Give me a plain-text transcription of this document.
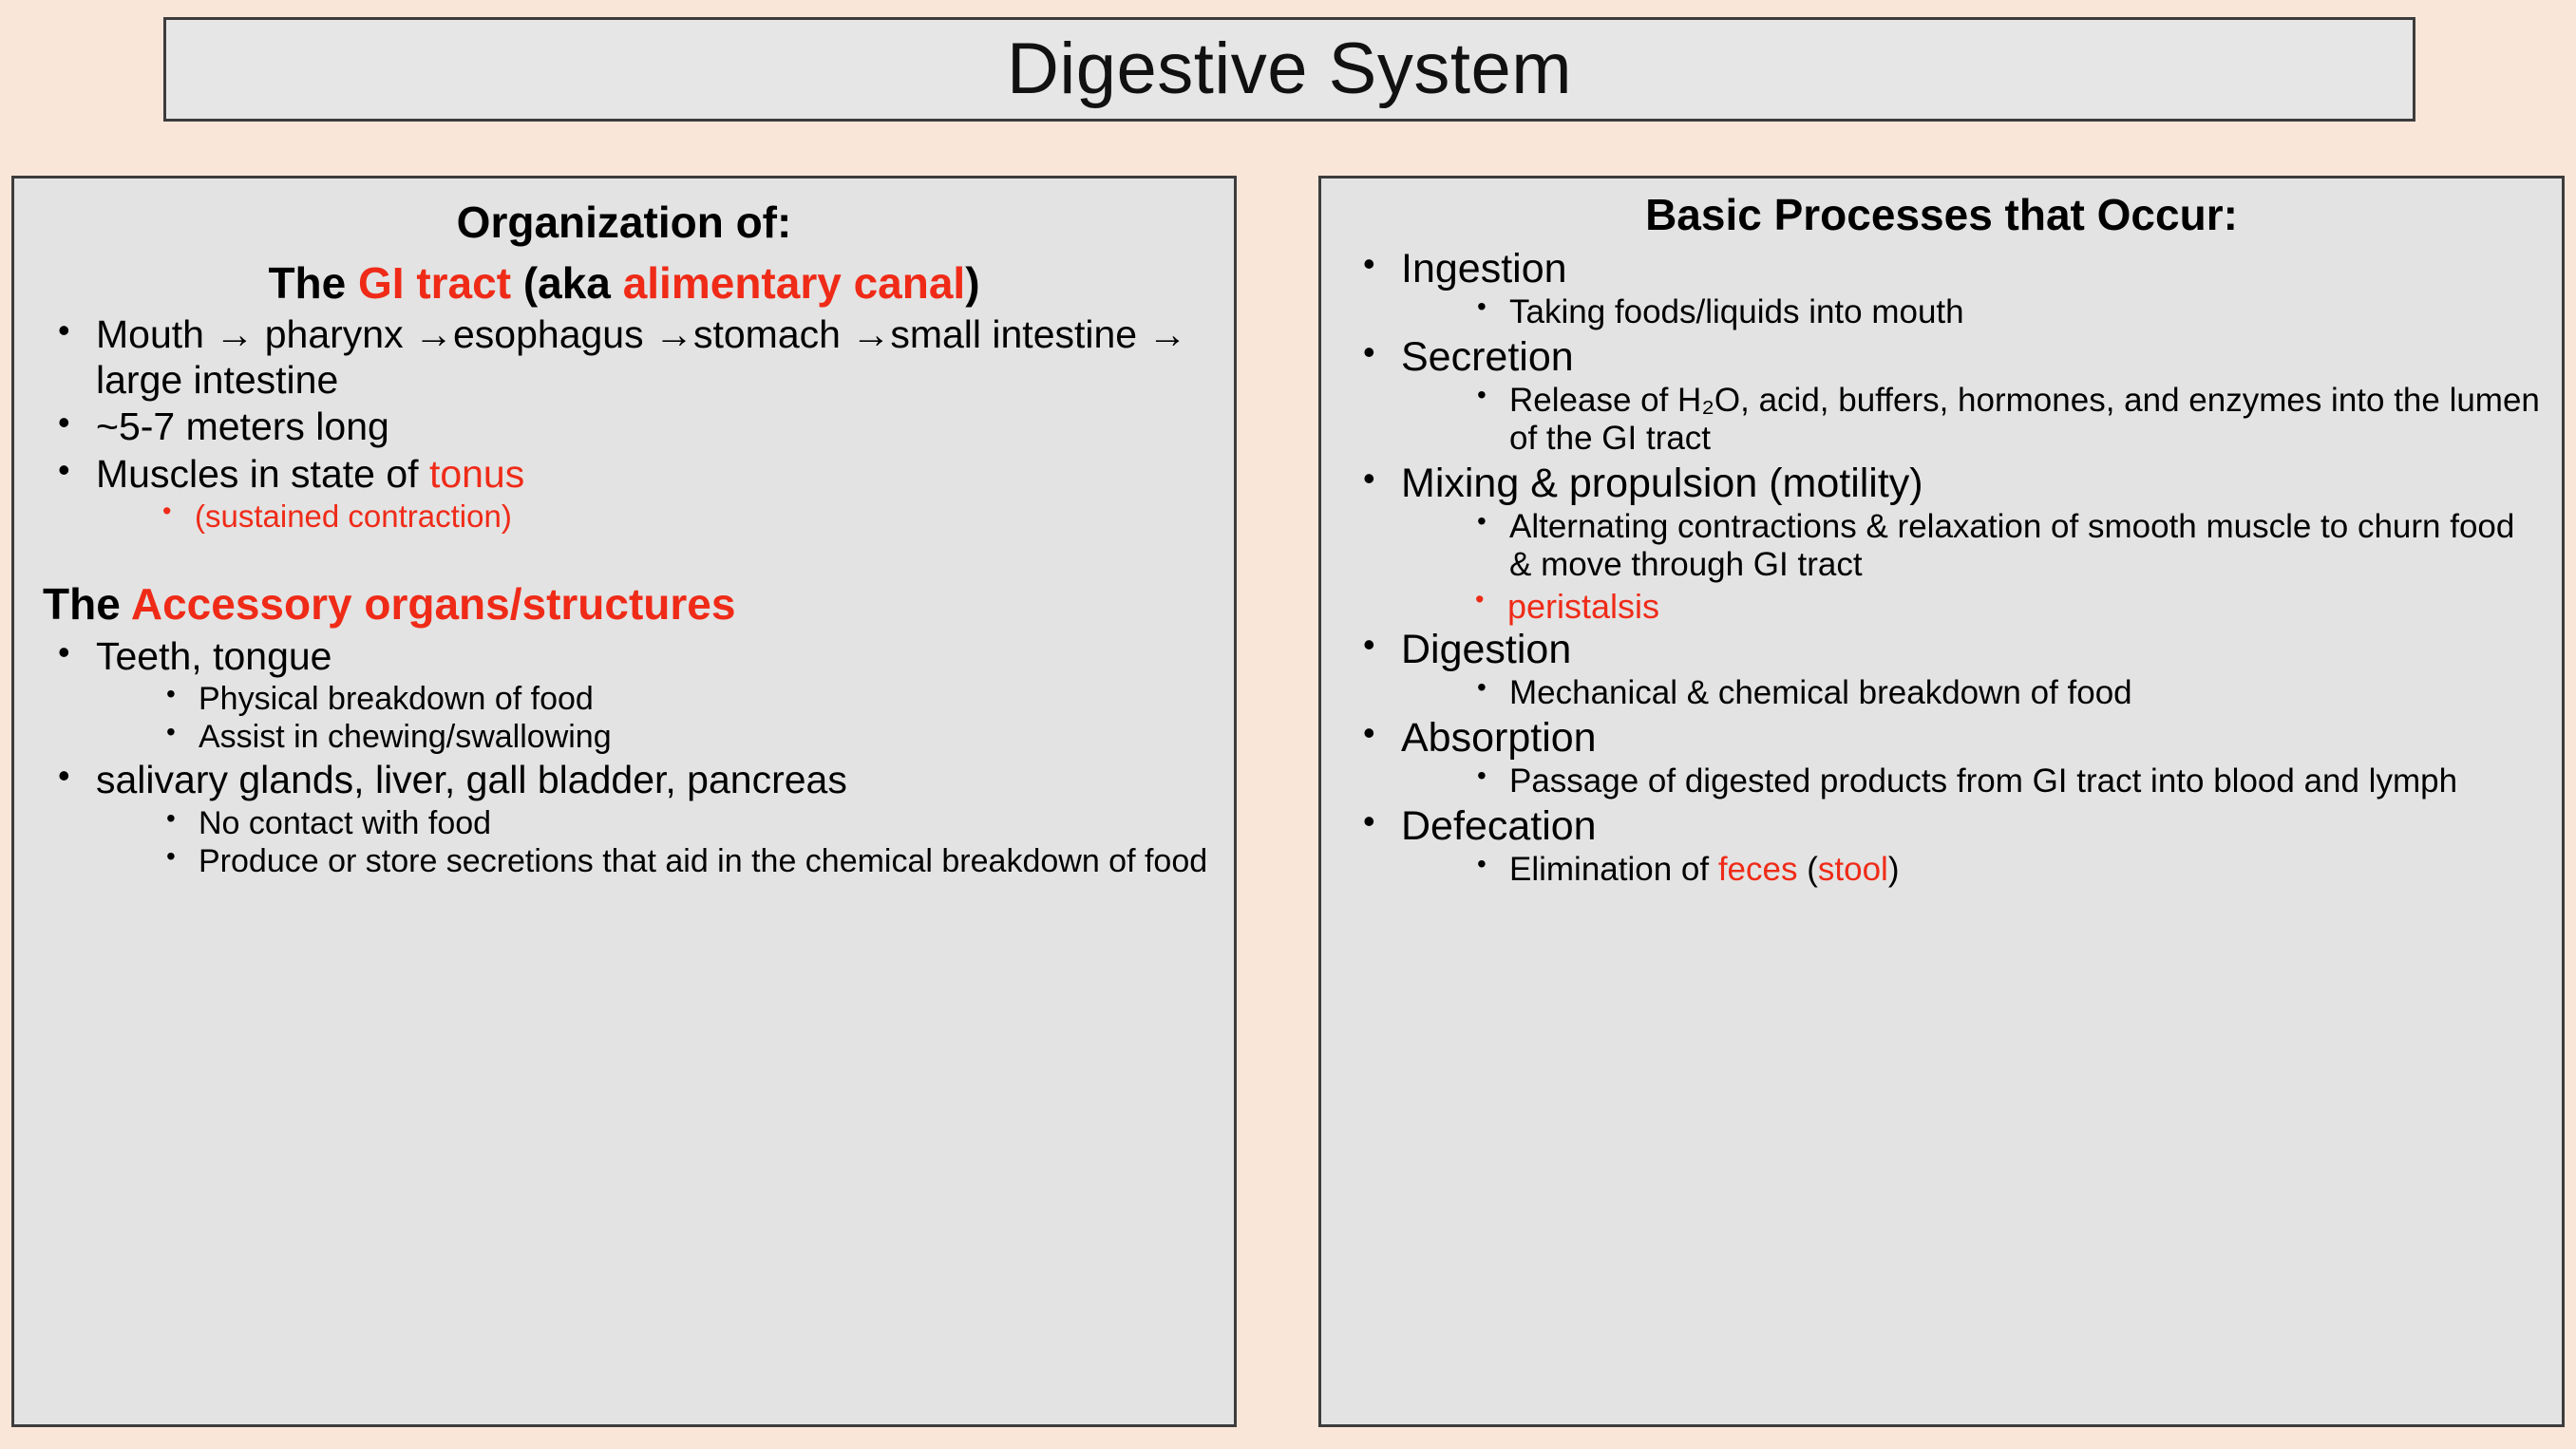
Digestive System
Organization of:
The GI tract (aka alimentary canal)
• Mouth → pharynx →esophagus →stomach →small intestine → large intestine
• ~5-7 meters long
• Muscles in state of tonus
• (sustained contraction)
The Accessory organs/structures
• Teeth, tongue
• Physical breakdown of food
• Assist in chewing/swallowing
• salivary glands, liver, gall bladder, pancreas
• No contact with food
• Produce or store secretions that aid in the chemical breakdown of food
Basic Processes that Occur:
• Ingestion
• Taking foods/liquids into mouth
• Secretion
• Release of H₂O, acid, buffers, hormones, and enzymes into the lumen of the GI tract
• Mixing & propulsion (motility)
• Alternating contractions & relaxation of smooth muscle to churn food & move through GI tract
• peristalsis
• Digestion
• Mechanical & chemical breakdown of food
• Absorption
• Passage of digested products from GI tract into blood and lymph
• Defecation
• Elimination of feces (stool)
